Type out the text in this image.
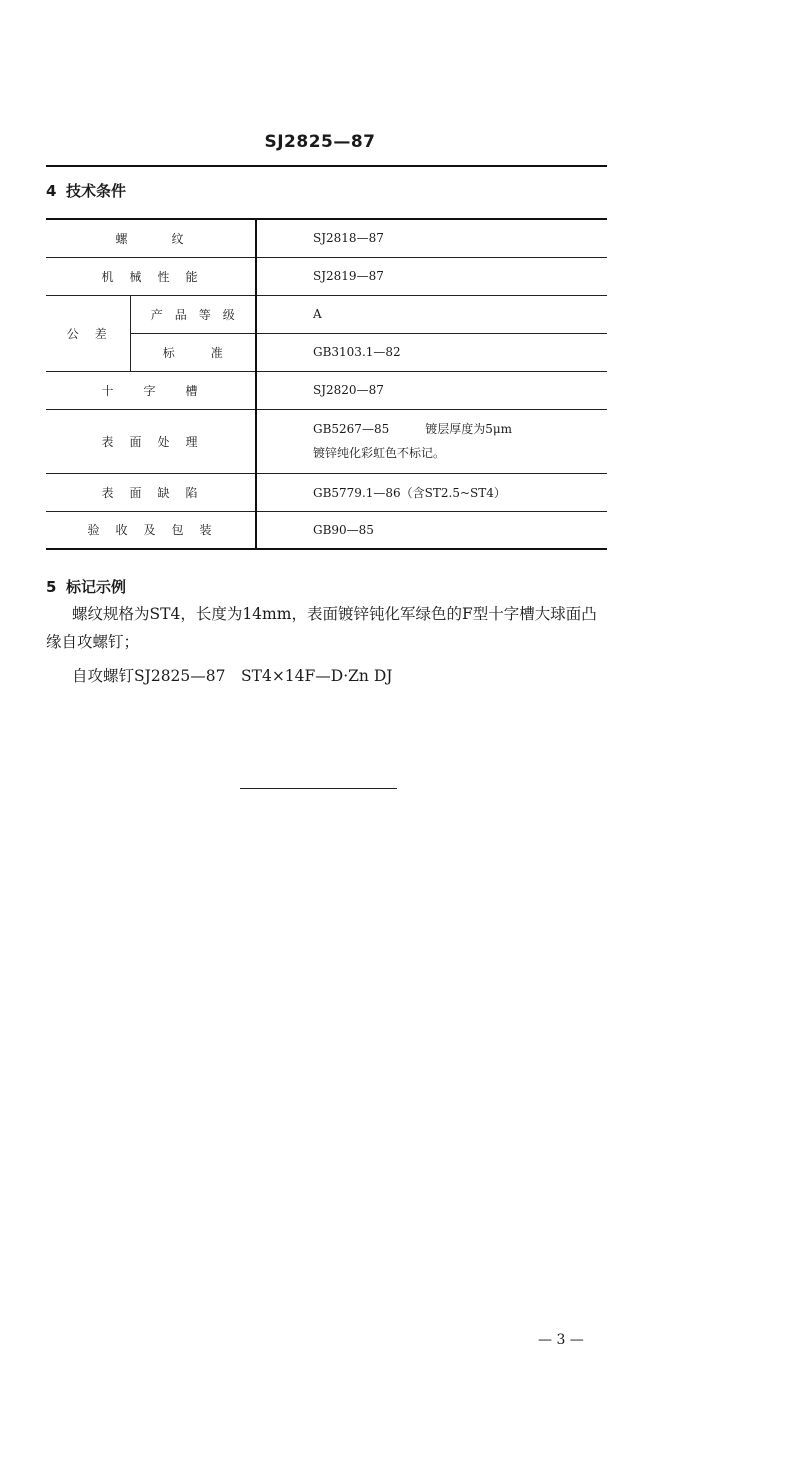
SJ2825—87
4 技术条件
螺　　　纹		SJ2818—87
机　械　性　能		SJ2819—87
公　差	产　品　等　级	A
	标　　　准	GB3103.1—82
十　　字　　槽		SJ2820—87
表　面　处　理		GB5267—85　　　镀层厚度为5μm
镀锌纯化彩虹色不标记。

表　面　缺　陷		GB5779.1—86（含ST2.5~ST4）
验　收　及　包　装		GB90—85
5 标记示例
螺纹规格为ST4，长度为14mm，表面镀锌钝化军绿色的F型十字槽大球面凸缘自攻螺钉；
自攻螺钉SJ2825—87　ST4×14F—D·Zn DJ
— 3 —
